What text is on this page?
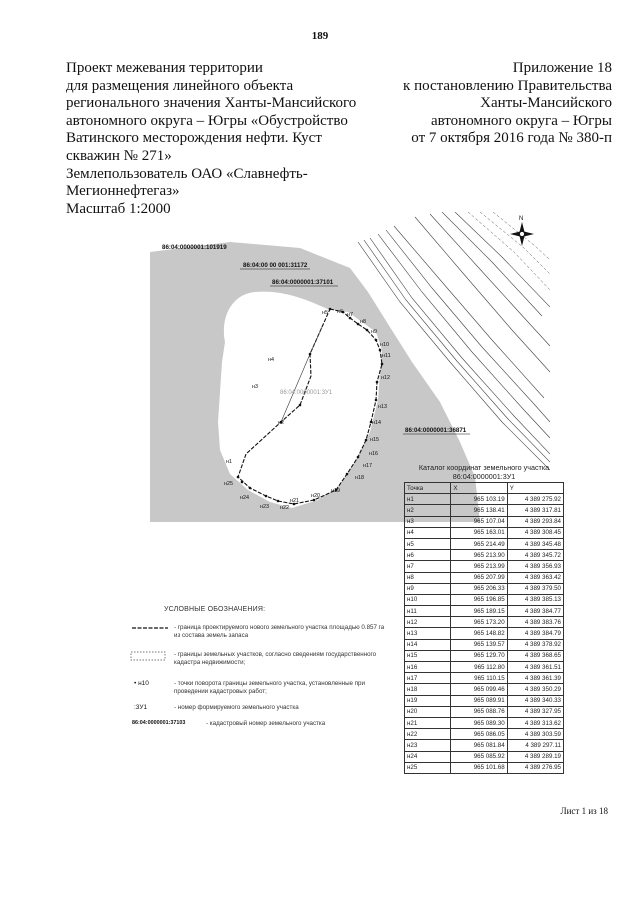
189
Проект межевания территории
для размещения линейного объекта
регионального значения Ханты-Мансийского
автономного округа – Югры «Обустройство
Ватинского месторождения нефти. Куст
скважин № 271»
Землепользователь ОАО «Славнефть-
Мегионнефтегаз»
Масштаб 1:2000
Приложение 18
к постановлению Правительства
Ханты-Мансийского
автономного округа – Югры
от 7 октября 2016 года № 380-п
N
86:04:0000001:101919
86:04:00 00 001:31172
86:04:0000001:37101
86:04:0000001:36871
86:04:0000001:3У1
н1
н2
н3
н4
н5 н6 н7
н8
н9
н10
н11
н12
н13
н14
н15
н16
н17
н18
н19
н20
н21
н22
н23
н24
н25
Каталог координат земельного участка
86:04:0000001:3У1
Точка	X	Y
н1	965 103.19	4 389 275.92
н2	965 138.41	4 389 317.81
н3	965 107.04	4 389 293.84
н4	965 163.01	4 389 308.45
н5	965 214.49	4 389 345.48
н6	965 213.90	4 389 345.72
н7	965 213.99	4 389 356.93
н8	965 207.99	4 389 363.42
н9	965 206.33	4 389 379.50
н10	965 196.85	4 389 385.13
н11	965 189.15	4 389 384.77
н12	965 173.20	4 389 383.76
н13	965 148.82	4 389 384.79
н14	965 139.57	4 389 378.92
н15	965 129.70	4 389 368.65
н16	965 112.80	4 389 361.51
н17	965 110.15	4 389 361.39
н18	965 099.46	4 389 350.29
н19	965 089.91	4 389 340.33
н20	965 088.76	4 389 327.95
н21	965 089.30	4 389 313.62
н22	965 086.05	4 389 303.59
н23	965 081.84	4 389 297.11
н24	965 085.92	4 389 289.19
н25	965 101.68	4 389 276.95
УСЛОВНЫЕ ОБОЗНАЧЕНИЯ:
- граница проектируемого нового земельного участка площадью 0.857 га из состава земель запаса
- границы земельных участков, согласно сведениям государственного кадастра недвижимости;
• н10	- точки поворота границы земельного участка, установленные при проведении кадастровых работ;
:3У1	- номер формируемого земельного участка
86:04:0000001:37103	- кадастровый номер земельного участка
Лист 1 из 18
